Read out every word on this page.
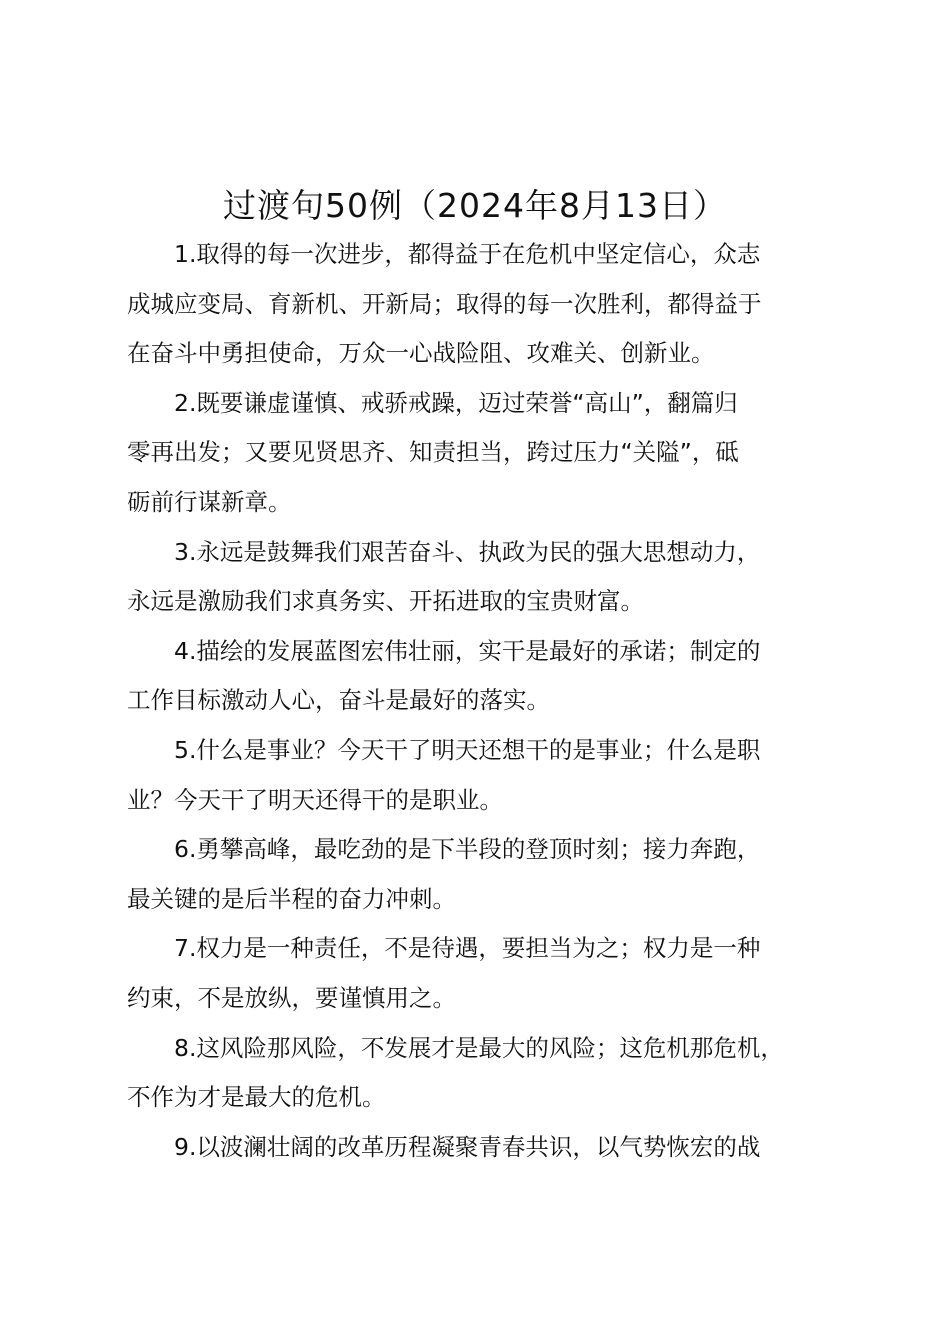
过渡句50例（2024年8月13日）

1.取得的每一次进步，都得益于在危机中坚定信心，众志
成城应变局、育新机、开新局；取得的每一次胜利，都得益于
在奋斗中勇担使命，万众一心战险阻、攻难关、创新业。

2.既要谦虚谨慎、戒骄戒躁，迈过荣誉“高山”，翻篇归
零再出发；又要见贤思齐、知责担当，跨过压力“关隘”，砥
砺前行谋新章。

3.永远是鼓舞我们艰苦奋斗、执政为民的强大思想动力，
永远是激励我们求真务实、开拓进取的宝贵财富。

4.描绘的发展蓝图宏伟壮丽，实干是最好的承诺；制定的
工作目标激动人心，奋斗是最好的落实。

5.什么是事业？今天干了明天还想干的是事业；什么是职
业？今天干了明天还得干的是职业。

6.勇攀高峰，最吃劲的是下半段的登顶时刻；接力奔跑，
最关键的是后半程的奋力冲刺。

7.权力是一种责任，不是待遇，要担当为之；权力是一种
约束，不是放纵，要谨慎用之。

8.这风险那风险，不发展才是最大的风险；这危机那危机，
不作为才是最大的危机。

9.以波澜壮阔的改革历程凝聚青春共识，以气势恢宏的战
